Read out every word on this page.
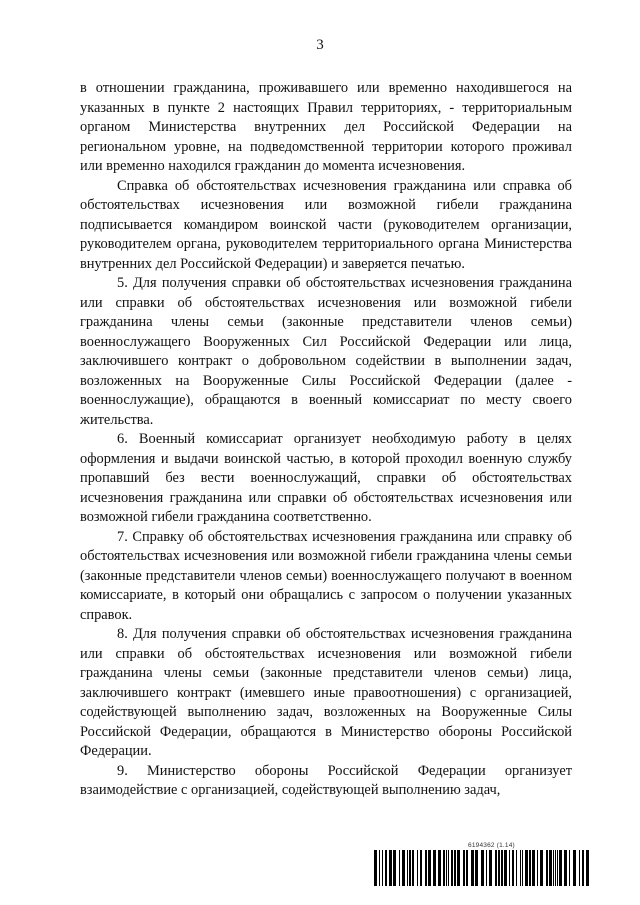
3

в отношении гражданина, проживавшего или временно находившегося на указанных в пункте 2 настоящих Правил территориях, - территориальным органом Министерства внутренних дел Российской Федерации на региональном уровне, на подведомственной территории которого проживал или временно находился гражданин до момента исчезновения.

Справка об обстоятельствах исчезновения гражданина или справка об обстоятельствах исчезновения или возможной гибели гражданина подписывается командиром воинской части (руководителем организации, руководителем органа, руководителем территориального органа Министерства внутренних дел Российской Федерации) и заверяется печатью.

5. Для получения справки об обстоятельствах исчезновения гражданина или справки об обстоятельствах исчезновения или возможной гибели гражданина члены семьи (законные представители членов семьи) военнослужащего Вооруженных Сил Российской Федерации или лица, заключившего контракт о добровольном содействии в выполнении задач, возложенных на Вооруженные Силы Российской Федерации (далее - военнослужащие), обращаются в военный комиссариат по месту своего жительства.

6. Военный комиссариат организует необходимую работу в целях оформления и выдачи воинской частью, в которой проходил военную службу пропавший без вести военнослужащий, справки об обстоятельствах исчезновения гражданина или справки об обстоятельствах исчезновения или возможной гибели гражданина соответственно.

7. Справку об обстоятельствах исчезновения гражданина или справку об обстоятельствах исчезновения или возможной гибели гражданина члены семьи (законные представители членов семьи) военнослужащего получают в военном комиссариате, в который они обращались с запросом о получении указанных справок.

8. Для получения справки об обстоятельствах исчезновения гражданина или справки об обстоятельствах исчезновения или возможной гибели гражданина члены семьи (законные представители членов семьи) лица, заключившего контракт (имевшего иные правоотношения) с организацией, содействующей выполнению задач, возложенных на Вооруженные Силы Российской Федерации, обращаются в Министерство обороны Российской Федерации.

9. Министерство обороны Российской Федерации организует взаимодействие с организацией, содействующей выполнению задач,

6194362 (1.14)
